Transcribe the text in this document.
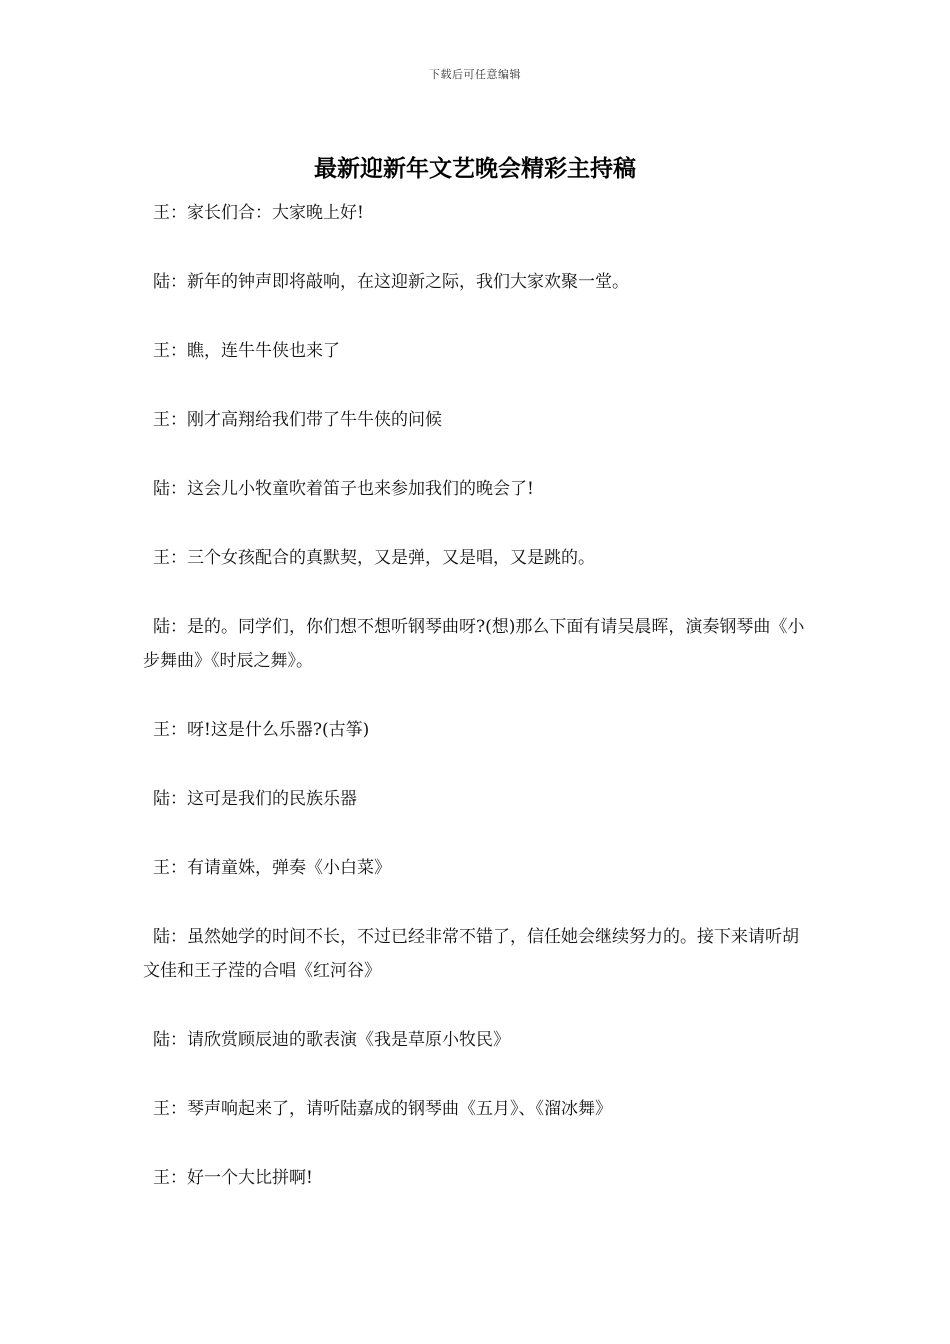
下载后可任意编辑
最新迎新年文艺晚会精彩主持稿

王：家长们合：大家晚上好!

陆：新年的钟声即将敲响，在这迎新之际，我们大家欢聚一堂。

王：瞧，连牛牛侠也来了

王：刚才高翔给我们带了牛牛侠的问候

陆：这会儿小牧童吹着笛子也来参加我们的晚会了!

王：三个女孩配合的真默契，又是弹，又是唱，又是跳的。

陆：是的。同学们，你们想不想听钢琴曲呀?(想)那么下面有请吴晨晖，演奏钢琴曲《小步舞曲》《时辰之舞》。

王：呀!这是什么乐器?(古筝)

陆：这可是我们的民族乐器

王：有请童姝，弹奏《小白菜》

陆：虽然她学的时间不长，不过已经非常不错了，信任她会继续努力的。接下来请听胡文佳和王子滢的合唱《红河谷》

陆：请欣赏顾辰迪的歌表演《我是草原小牧民》

王：琴声响起来了，请听陆嘉成的钢琴曲《五月》、《溜冰舞》

王：好一个大比拼啊!
